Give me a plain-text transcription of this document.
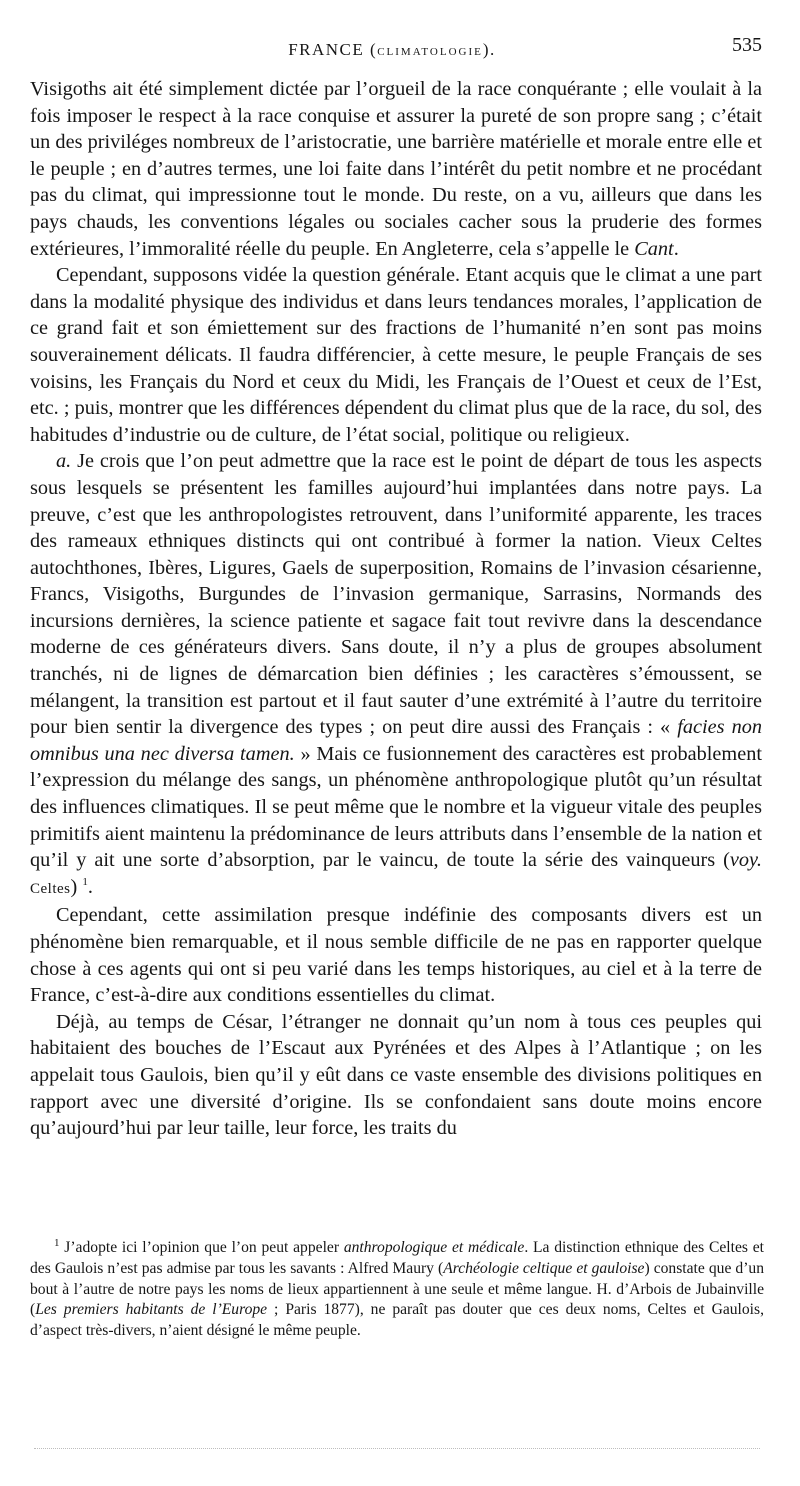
FRANCE (CLIMATOLOGIE).	535

Visigoths ait été simplement dictée par l’orgueil de la race conquérante ; elle voulait à la fois imposer le respect à la race conquise et assurer la pureté de son propre sang ; c’était un des priviléges nombreux de l’aristocratie, une barrière matérielle et morale entre elle et le peuple ; en d’autres termes, une loi faite dans l’intérêt du petit nombre et ne procédant pas du climat, qui impressionne tout le monde. Du reste, on a vu, ailleurs que dans les pays chauds, les conventions légales ou sociales cacher sous la pruderie des formes extérieures, l’immoralité réelle du peuple. En Angleterre, cela s’appelle le Cant.

Cependant, supposons vidée la question générale. Etant acquis que le climat a une part dans la modalité physique des individus et dans leurs tendances morales, l’application de ce grand fait et son émiettement sur des fractions de l’humanité n’en sont pas moins souverainement délicats. Il faudra différencier, à cette mesure, le peuple Français de ses voisins, les Français du Nord et ceux du Midi, les Français de l’Ouest et ceux de l’Est, etc. ; puis, montrer que les différences dépendent du climat plus que de la race, du sol, des habitudes d’industrie ou de culture, de l’état social, politique ou religieux.

a. Je crois que l’on peut admettre que la race est le point de départ de tous les aspects sous lesquels se présentent les familles aujourd’hui implantées dans notre pays. La preuve, c’est que les anthropologistes retrouvent, dans l’uniformité apparente, les traces des rameaux ethniques distincts qui ont contribué à former la nation. Vieux Celtes autochthones, Ibères, Ligures, Gaels de superposition, Romains de l’invasion césarienne, Francs, Visigoths, Burgundes de l’invasion germanique, Sarrasins, Normands des incursions dernières, la science patiente et sagace fait tout revivre dans la descendance moderne de ces générateurs divers. Sans doute, il n’y a plus de groupes absolument tranchés, ni de lignes de démarcation bien définies ; les caractères s’émoussent, se mélangent, la transition est partout et il faut sauter d’une extrémité à l’autre du territoire pour bien sentir la divergence des types ; on peut dire aussi des Français : « facies non omnibus una nec diversa tamen. » Mais ce fusionnement des caractères est probablement l’expression du mélange des sangs, un phénomène anthropologique plutôt qu’un résultat des influences climatiques. Il se peut même que le nombre et la vigueur vitale des peuples primitifs aient maintenu la prédominance de leurs attributs dans l’ensemble de la nation et qu’il y ait une sorte d’absorption, par le vaincu, de toute la série des vainqueurs (voy. Celtes) $^1$.

Cependant, cette assimilation presque indéfinie des composants divers est un phénomène bien remarquable, et il nous semble difficile de ne pas en rapporter quelque chose à ces agents qui ont si peu varié dans les temps historiques, au ciel et à la terre de France, c’est-à-dire aux conditions essentielles du climat.

Déjà, au temps de César, l’étranger ne donnait qu’un nom à tous ces peuples qui habitaient des bouches de l’Escaut aux Pyrénées et des Alpes à l’Atlantique ; on les appelait tous Gaulois, bien qu’il y eût dans ce vaste ensemble des divisions politiques en rapport avec une diversité d’origine. Ils se confondaient sans doute moins encore qu’aujourd’hui par leur taille, leur force, les traits du

$^1$ J’adopte ici l’opinion que l’on peut appeler anthropologique et médicale. La distinction ethnique des Celtes et des Gaulois n’est pas admise par tous les savants : Alfred Maury (Archéologie celtique et gauloise) constate que d’un bout à l’autre de notre pays les noms de lieux appartiennent à une seule et même langue. H. d’Arbois de Jubainville (Les premiers habitants de l’Europe ; Paris 1877), ne paraît pas douter que ces deux noms, Celtes et Gaulois, d’aspect très-divers, n’aient désigné le même peuple.
